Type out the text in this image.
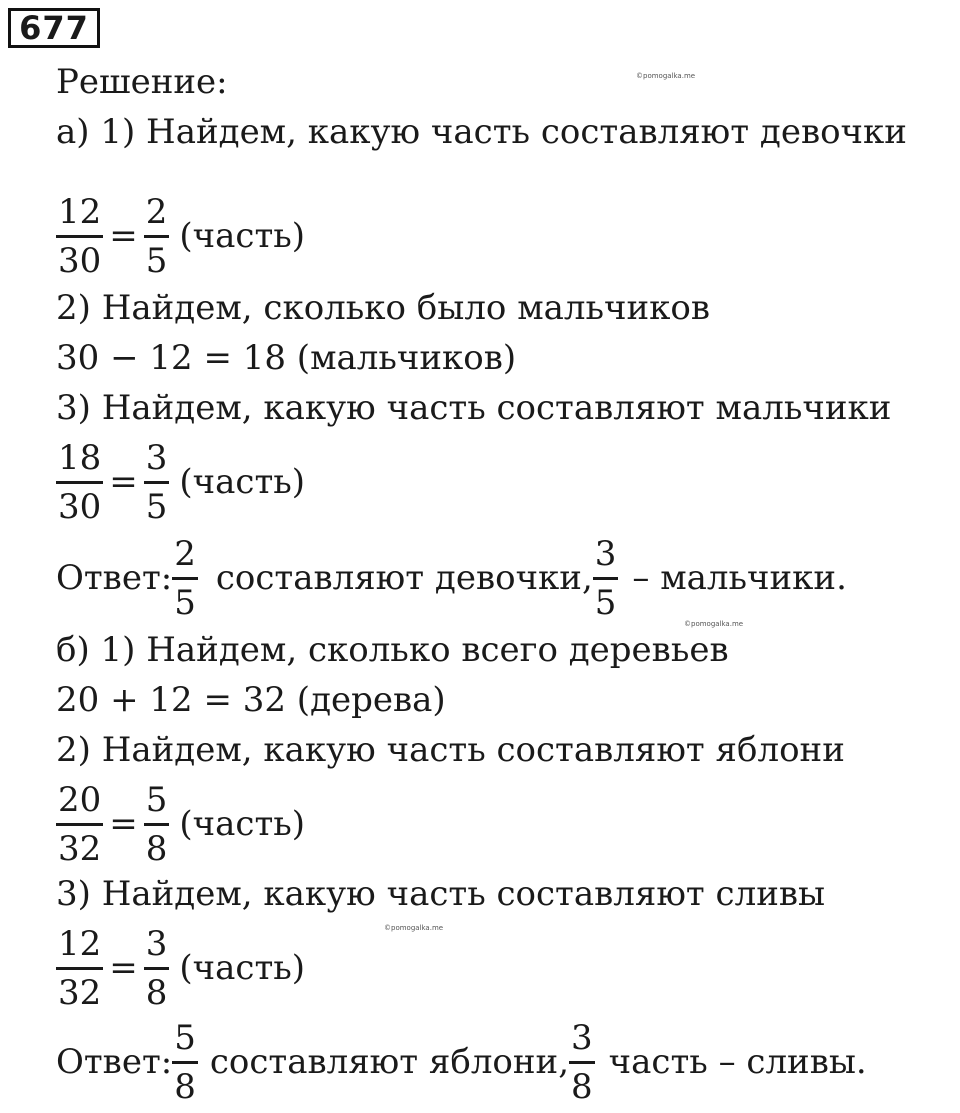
677
©pomogalka.me
©pomogalka.me
©pomogalka.me
Решение:
а) 1) Найдем, какую часть составляют девочки
$\frac{12}{30} = \frac{2}{5}$ (часть)
2) Найдем, сколько было мальчиков
30 − 12 = 18 (мальчиков)
3) Найдем, какую часть составляют мальчики
$\frac{18}{30} = \frac{3}{5}$ (часть)
Ответ: $\frac{2}{5}$ составляют девочки, $\frac{3}{5}$ – мальчики.
б) 1) Найдем, сколько всего деревьев
20 + 12 = 32 (дерева)
2) Найдем, какую часть составляют яблони
$\frac{20}{32} = \frac{5}{8}$ (часть)
3) Найдем, какую часть составляют сливы
$\frac{12}{32} = \frac{3}{8}$ (часть)
Ответ: $\frac{5}{8}$ составляют яблони, $\frac{3}{8}$ часть – сливы.
